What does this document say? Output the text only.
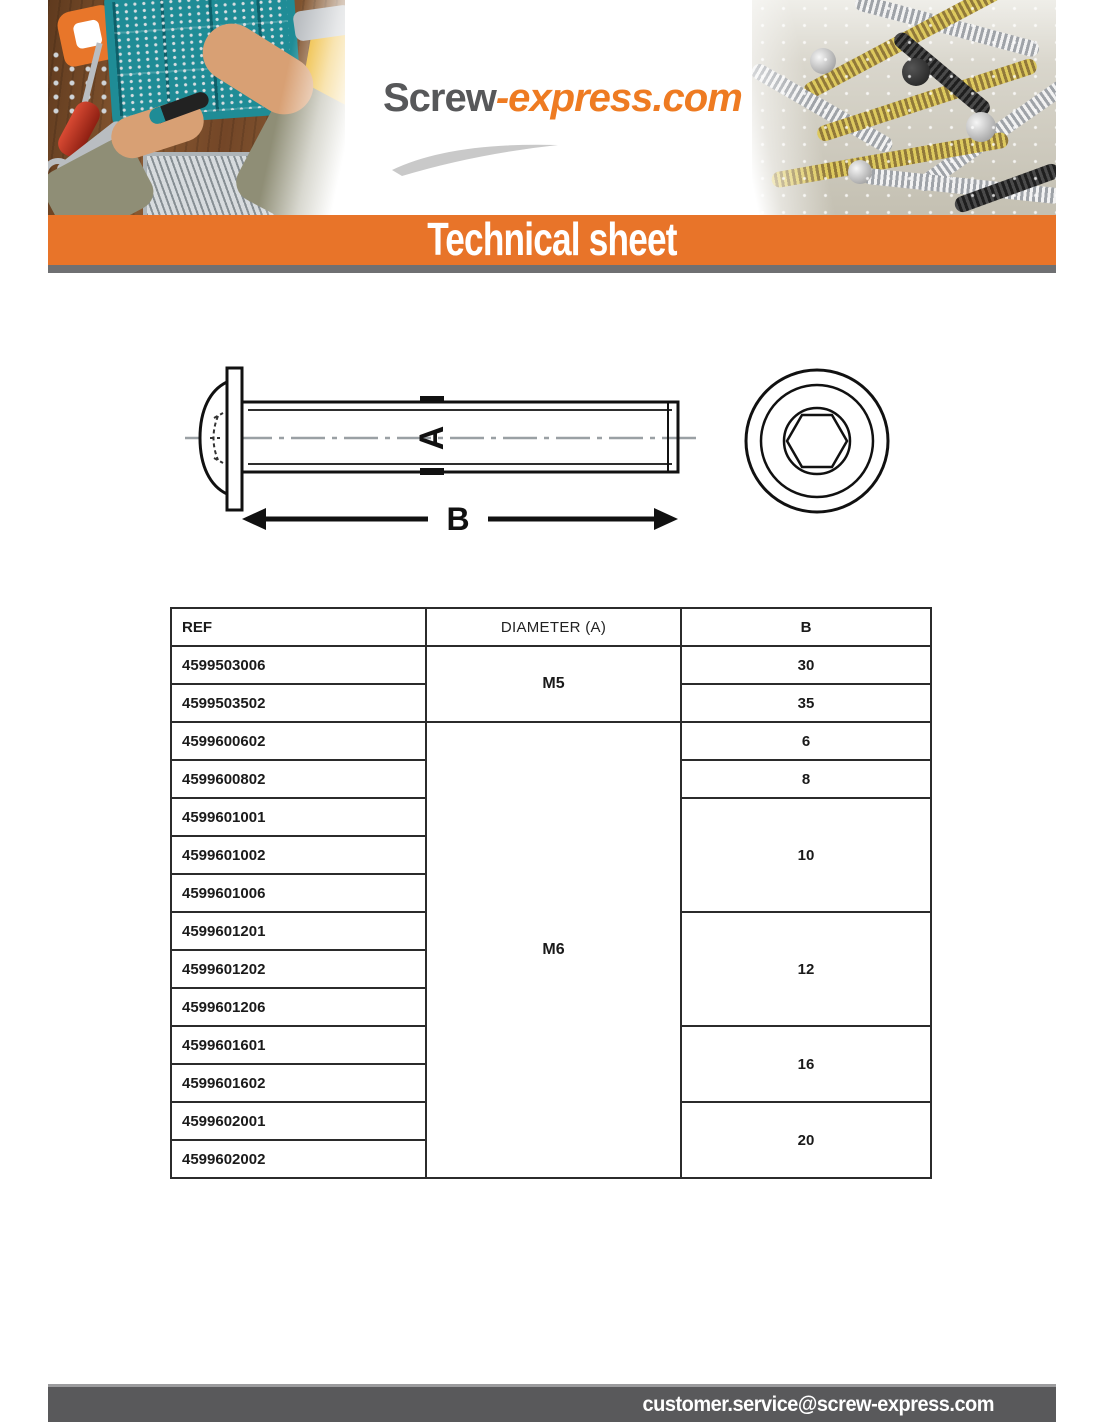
Screw-express.com
Technical sheet
A
B
REF	DIAMETER (A)	B
4599503006	M5	30
4599503502		35
4599600602	M6	6
4599600802		8
4599601001		10
4599601002		
4599601006		
4599601201		12
4599601202		
4599601206		
4599601601		16
4599601602		
4599602001		20
4599602002		
customer.service@screw-express.com
